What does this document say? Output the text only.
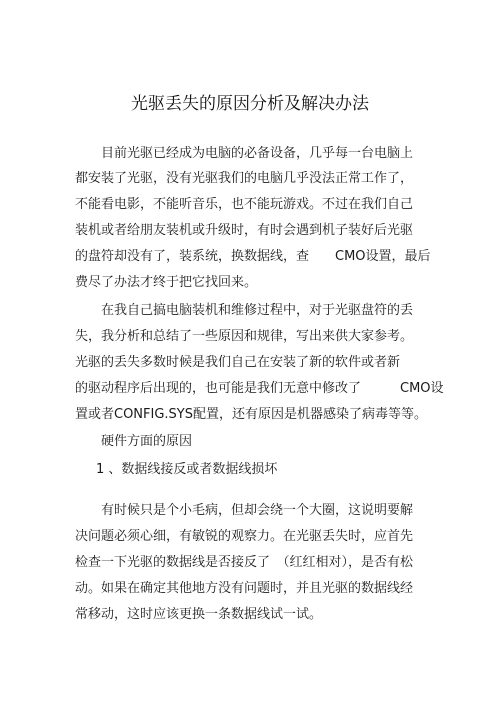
光驱丢失的原因分析及解决办法
目前光驱已经成为电脑的必备设备，几乎每一台电脑上
都安装了光驱，没有光驱我们的电脑几乎没法正常工作了，
不能看电影，不能听音乐，也不能玩游戏。不过在我们自己
装机或者给朋友装机或升级时，有时会遇到机子装好后光驱
的盘符却没有了，装系统，换数据线，查　　CMO设置，最后
费尽了办法才终于把它找回来。
在我自己搞电脑装机和维修过程中，对于光驱盘符的丢
失，我分析和总结了一些原因和规律，写出来供大家参考。
光驱的丢失多数时候是我们自己在安装了新的软件或者新
的驱动程序后出现的，也可能是我们无意中修改了　　　CMO设
置或者CONFIG.SYS配置，还有原因是机器感染了病毒等等。
硬件方面的原因
1 、数据线接反或者数据线损坏
有时候只是个小毛病，但却会绕一个大圈，这说明要解
决问题必须心细，有敏锐的观察力。在光驱丢失时，应首先
检查一下光驱的数据线是否接反了　（红红相对），是否有松
动。如果在确定其他地方没有问题时，并且光驱的数据线经
常移动，这时应该更换一条数据线试一试。
